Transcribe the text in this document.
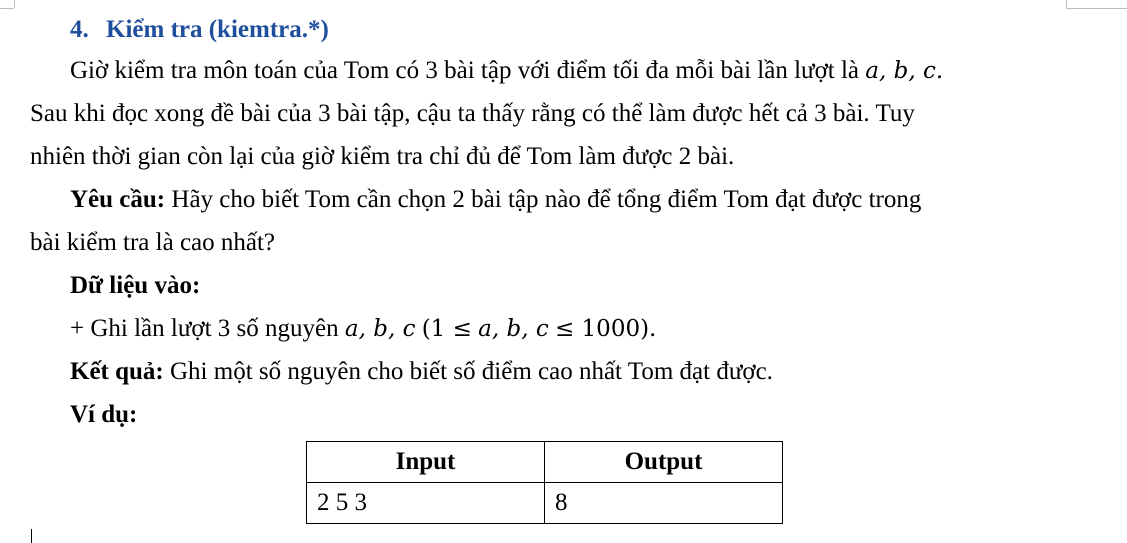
4. Kiểm tra (kiemtra.*)
Giờ kiểm tra môn toán của Tom có 3 bài tập với điểm tối đa mỗi bài lần lượt là a, b, c.
Sau khi đọc xong đề bài của 3 bài tập, cậu ta thấy rằng có thể làm được hết cả 3 bài. Tuy
nhiên thời gian còn lại của giờ kiểm tra chỉ đủ để Tom làm được 2 bài.
Yêu cầu: Hãy cho biết Tom cần chọn 2 bài tập nào để tổng điểm Tom đạt được trong
bài kiểm tra là cao nhất?
Dữ liệu vào:
+ Ghi lần lượt 3 số nguyên a, b, c (1 ≤ a, b, c ≤ 1000).
Kết quả: Ghi một số nguyên cho biết số điểm cao nhất Tom đạt được.
Ví dụ:
Input	Output
2 5 3	8
